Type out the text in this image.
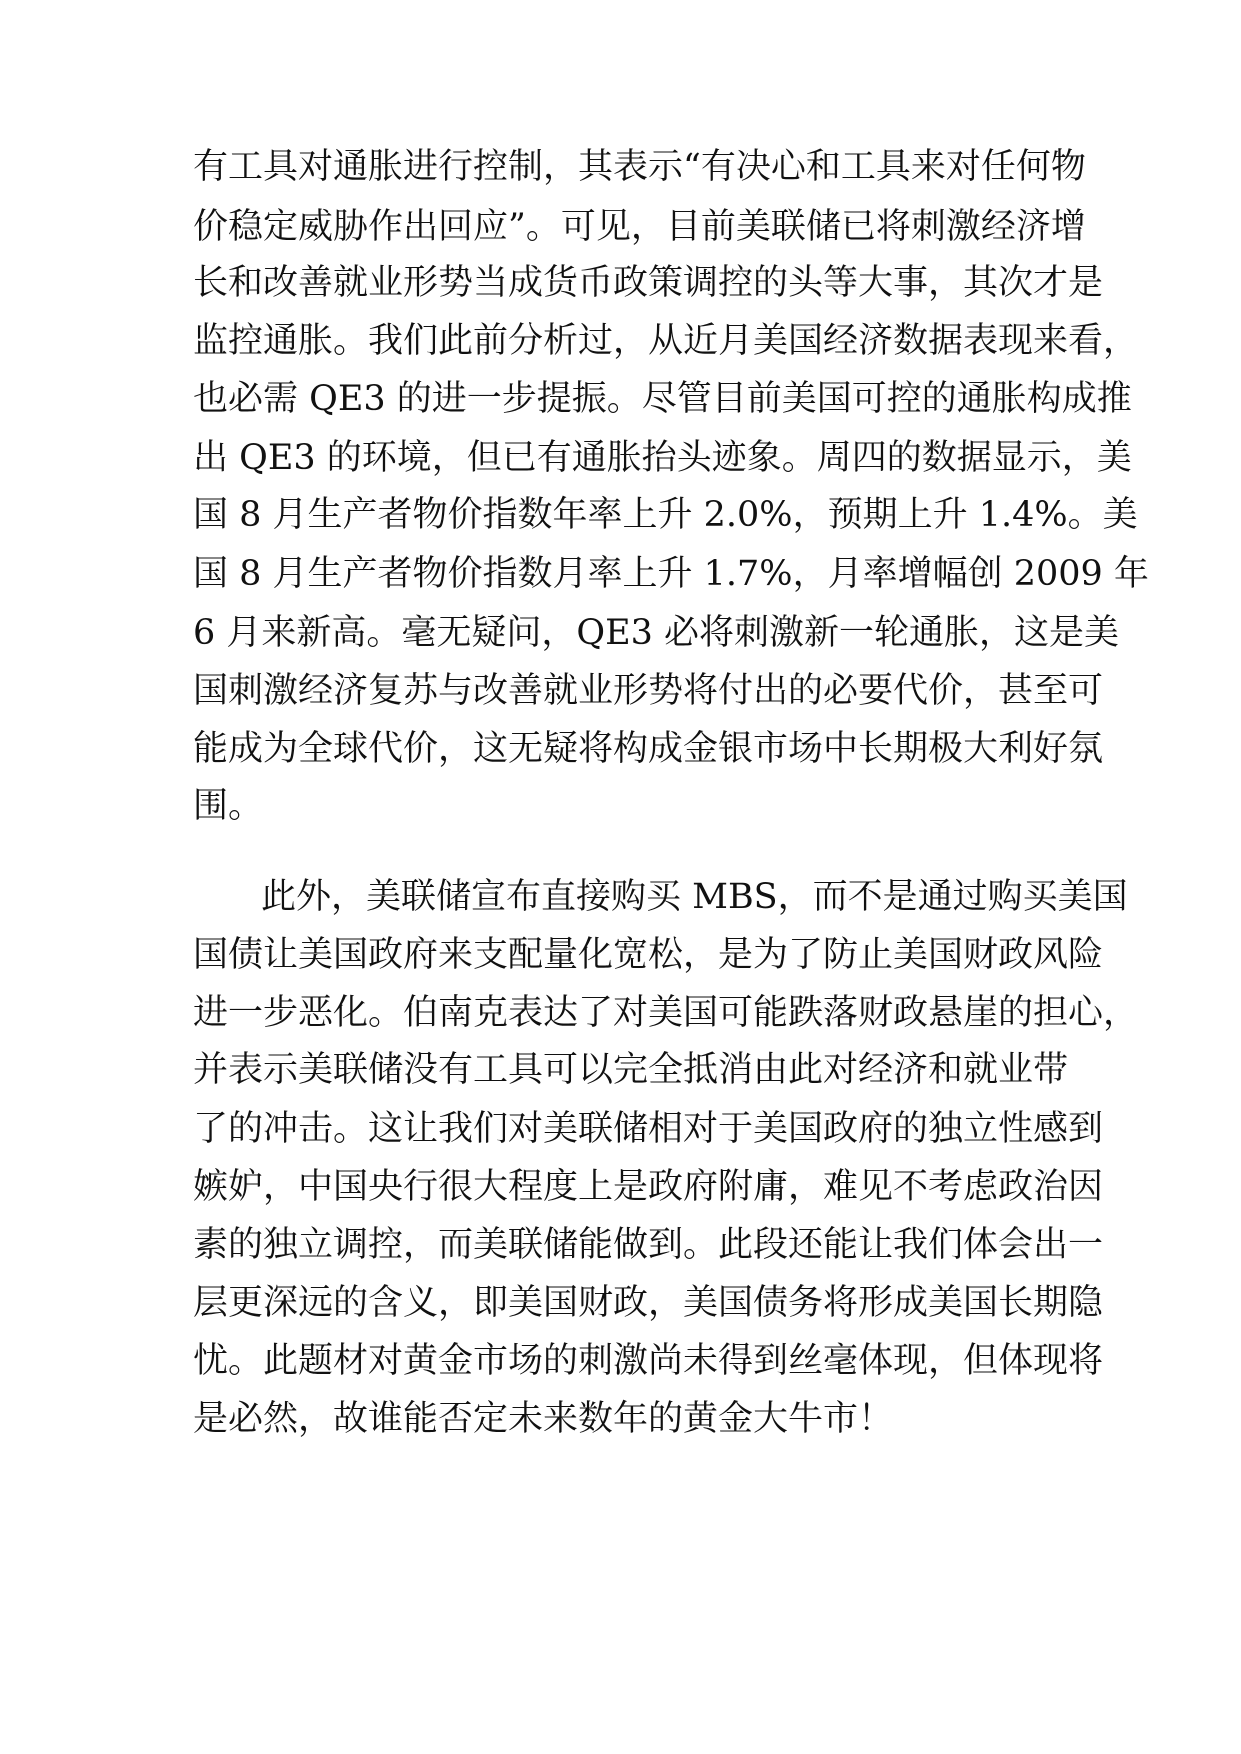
有工具对通胀进行控制，其表示“有决心和工具来对任何物

价稳定威胁作出回应”。可见，目前美联储已将刺激经济增

长和改善就业形势当成货币政策调控的头等大事，其次才是

监控通胀。我们此前分析过，从近月美国经济数据表现来看，

也必需 QE3 的进一步提振。尽管目前美国可控的通胀构成推

出 QE3 的环境，但已有通胀抬头迹象。周四的数据显示，美

国 8 月生产者物价指数年率上升 2.0%，预期上升 1.4%。美

国 8 月生产者物价指数月率上升 1.7%，月率增幅创 2009 年

6 月来新高。毫无疑问，QE3 必将刺激新一轮通胀，这是美

国刺激经济复苏与改善就业形势将付出的必要代价，甚至可

能成为全球代价，这无疑将构成金银市场中长期极大利好氛

围。

此外，美联储宣布直接购买 MBS，而不是通过购买美国

国债让美国政府来支配量化宽松，是为了防止美国财政风险

进一步恶化。伯南克表达了对美国可能跌落财政悬崖的担心，

并表示美联储没有工具可以完全抵消由此对经济和就业带

了的冲击。这让我们对美联储相对于美国政府的独立性感到

嫉妒，中国央行很大程度上是政府附庸，难见不考虑政治因

素的独立调控，而美联储能做到。此段还能让我们体会出一

层更深远的含义，即美国财政，美国债务将形成美国长期隐

忧。此题材对黄金市场的刺激尚未得到丝毫体现，但体现将

是必然，故谁能否定未来数年的黄金大牛市！
